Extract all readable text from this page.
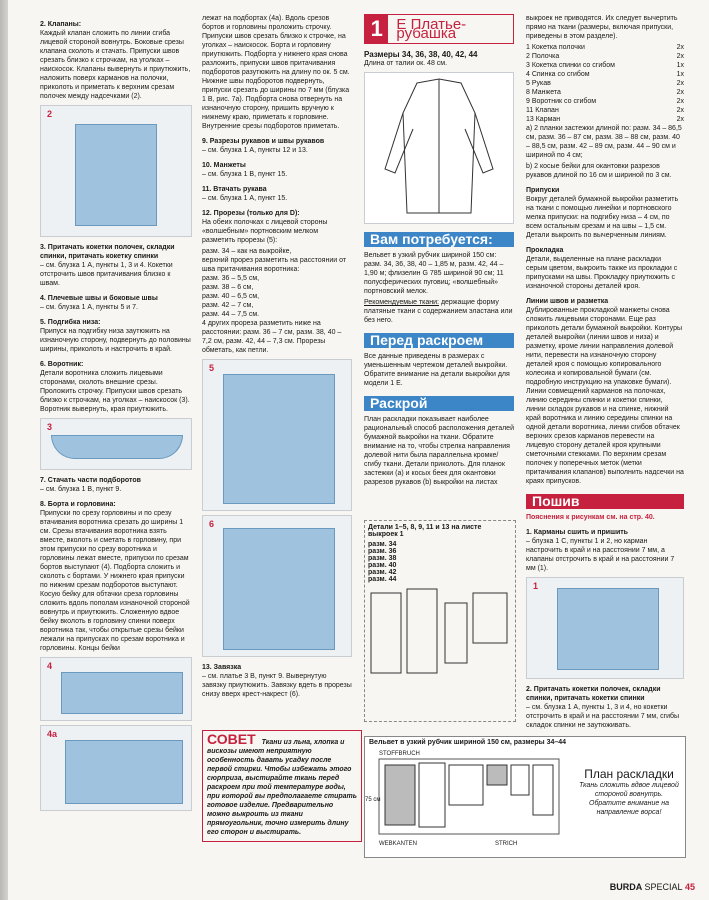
2. Клапаны:
Каждый клапан сложить по линии сгиба лицевой стороной вовнутрь. Боковые срезы клапана сколоть и стачать. Припуски швов срезать близко к строчкам, на уголках – наискосок. Клапаны вывернуть и приутюжить, наложить поверх карманов на полочки, приколоть и приметать к верхним срезам полочек между надсечками (2).
2
3. Притачать кокетки полочек, складки спинки, притачать кокетку спинки
– см. блузка 1 А, пункты 1, 3 и 4. Кокетки отстрочить швов притачивания близко к швам.
4. Плечевые швы и боковые швы
– см. блузка 1 А, пункты 5 и 7.
5. Подгибка низа:
Припуск на подгибку низа заутюжить на изнаночную сторону, подвернуть до половины ширины, приколоть и настрочить в край.
6. Воротник:
Детали воротника сложить лицевыми сторонами, сколоть внешние срезы. Проложить строчку. Припуски швов срезать близко к строчкам, на уголках – наискосок (3). Воротник вывернуть, края приутюжить.
3
7. Стачать части подборотов
– см. блузка 1 В, пункт 9.
8. Борта и горловина:
Припуски по срезу горловины и по срезу втачивания воротника срезать до ширины 1 см. Срезы втачивания воротника взять вместе, вколоть и сметать в горловину, при этом припуски по срезу воротника и горловины лежат вместе, припуски по срезам бортов выступают (4). Подборта сложить и сколоть с бортами. У нижнего края припуски по нижним срезам подборотов выступают. Косую бейку для обтачки среза горловины сложить вдоль пополам изнаночной стороной вовнутрь и приутюжить. Сложенную вдвое бейку вколоть в горловину спинки поверх воротника так, чтобы открытые срезы бейки лежали на припусках по срезам воротника и горловины. Концы бейки
4
4a
лежат на подбортах (4a). Вдоль срезов бортов и горловины проложить строчку. Припуски швов срезать близко к строчке, на уголках – наискосок. Борта и горловину приутюжить. Подборта у нижнего края снова разложить, припуски швов притачивания подборотов разутюжить на длину по ок. 5 см. Нижние швы подборотов подвернуть, припуски срезать до ширины по 7 мм (блузка 1 В, рис. 7а). Подборта снова отвернуть на изнаночную сторону, пришить вручную к нижнему краю, приметать к горловине. Внутренние срезы подборотов приметать.
9. Разрезы рукавов и швы рукавов
– см. блузка 1 А, пункты 12 и 13.
10. Манжеты
– см. блузка 1 В, пункт 15.
11. Втачать рукава
– см. блузка 1 А, пункт 15.
12. Прорезы (только для D):
На обеих полочках с лицевой стороны «волшебным» портновским мелком разметить прорезы (5):
разм. 34 – как на выкройке,
верхний прорез разметить на расстоянии от шва притачивания воротника:
разм. 36 – 5,5 см,
разм. 38 – 6 см,
разм. 40 – 6,5 см,
разм. 42 – 7 см,
разм. 44 – 7,5 см.
4 других прореза разметить ниже на расстоянии: разм. 36 – 7 см, разм. 38, 40 – 7,2 см, разм. 42, 44 – 7,3 см. Прорезы обметать, как петли.
5
6
13. Завязка
– см. платье 3 В, пункт 9. Вывернутую завязку приутюжить. Завязку вдеть в прорезы снизу вверх крест-накрест (6).
СОВЕТ Ткани из льна, хлопка и вискозы имеют неприятную особенность давать усадку после первой стирки. Чтобы избежать этого сюрприза, выстирайте ткань перед раскроем при той температуре воды, при которой вы предполагаете стирать готовое изделие. Предварительно можно выкроить из ткани прямоугольник, точно измерить длину его сторон и выстирать.
1 Е Платье-рубашка
Размеры 34, 36, 38, 40, 42, 44
Длина от талии ок. 48 см.
Вам потребуется:
Вельвет в узкий рубчик шириной 150 см: разм. 34, 36, 38, 40 – 1,85 м, разм. 42, 44 – 1,90 м; флизелин G 785 шириной 90 см; 11 полусферических пуговиц; «волшебный» портновский мелок.
Рекомендуемые ткани: держащие форму платяные ткани с содержанием эластана или без него.
Перед раскроем
Все данные приведены в размерах с уменьшенным чертежом деталей выкройки. Обратите внимание на детали выкройки для модели 1 Е.
Раскрой
План раскладки показывает наиболее рациональный способ расположения деталей бумажной выкройки на ткани. Обратите внимание на то, чтобы стрелка направления долевой нити была параллельна кромке/сгибу ткани. Детали приколоть. Для планок застежки (а) и косых беек для окантовки разрезов рукавов (b) выкройки на листах
Детали 1–5, 8, 9, 11 и 13 на листе выкроек 1
разм. 34
разм. 36
разм. 38
разм. 40
разм. 42
разм. 44
выкроек не приводятся. Их следует вычертить прямо на ткани (размеры, включая припуски, приведены в этом разделе).
1 Кокетка полочки	2x
2 Полочка	2x
3 Кокетка спинки со сгибом	1x
4 Спинка со сгибом	1x
5 Рукав	2x
8 Манжета	2x
9 Воротник со сгибом	2x
11 Клапан	2x
13 Карман	2x
а) 2 планки застежки длиной по: разм. 34 – 86,5 см, разм. 36 – 87 см, разм. 38 – 88 см, разм. 40 – 88,5 см, разм. 42 – 89 см, разм. 44 – 90 см и шириной по 4 см;
b) 2 косые бейки для окантовки разрезов рукавов длиной по 16 см и шириной по 3 см.
Припуски
Вокруг деталей бумажной выкройки разметить на ткани с помощью линейки и портновского мелка припуски: на подгибку низа – 4 см, по всем остальным срезам и на швы – 1,5 см. Детали выкроить по вычерченным линиям.
Прокладка
Детали, выделенные на плане раскладки серым цветом, выкроить также из прокладки с припусками на швы. Прокладку приутюжить с изнаночной стороны деталей кроя.
Линии швов и разметка
Дублированные прокладкой манжеты снова сложить лицевыми сторонами. Еще раз приколоть детали бумажной выкройки. Контуры деталей выкройки (линии швов и низа) и разметку, кроме линии направления долевой нити, перевести на изнаночную сторону деталей кроя с помощью копировального колесика и копировальной бумаги (см. подробную инструкцию на упаковке бумаги). Линии совмещений карманов на полочках, линию середины спинки и кокетки спинки, линии складок рукавов и на спинке, нижний край воротника и линию середины спинки на одной детали воротника, линии сгибов обтачек верхних срезов карманов перевести на лицевую сторону деталей кроя крупными сметочными стежками. По верхним срезам полочек у поперечных меток (метки притачивания клапанов) выполнить надсечки на краях припусков.
Пошив
Пояснения к рисункам см. на стр. 40.
1. Карманы сшить и пришить
– блузка 1 С, пункты 1 и 2, но карман настрочить в край и на расстоянии 7 мм, а клапаны отстрочить в край и на расстоянии 7 мм (1).
1
2. Притачать кокетки полочек, складки спинки, притачать кокетки спинки
– см. блузка 1 А, пункты 1, 3 и 4, но кокетки отстрочить в край и на расстоянии 7 мм, сгибы складок спинки не заутюживать.
Вельвет в узкий рубчик шириной 150 см, размеры 34–44
STOFFBRUCH
WEBKANTEN	STRICH
75 см
План раскладки
Ткань сложить вдвое лицевой стороной вовнутрь. Обратите внимание на направление ворса!
BURDA SPECIAL 45
